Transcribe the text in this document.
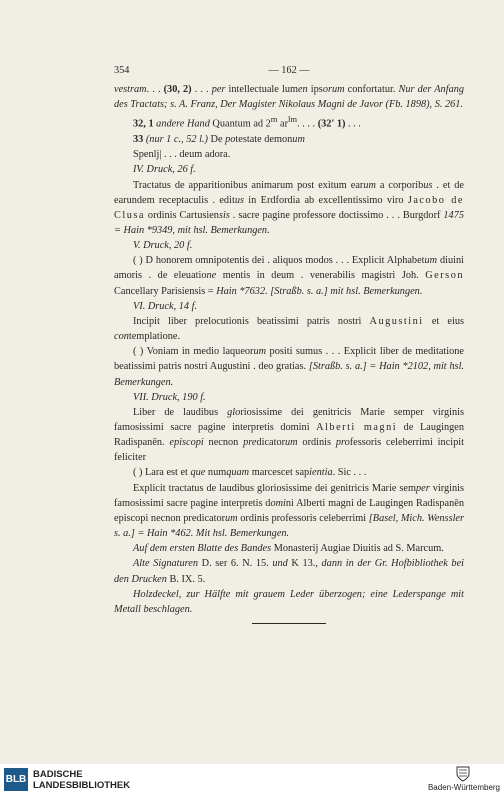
354	— 162 —

vestram. . . (30, 2) . . . per intellectuale lumen ipsorum confortatur. Nur der Anfang des Tractats; s. A. Franz, Der Magister Nikolaus Magni de Javor (Fb. 1898), S. 261.

32, 1 andere Hand Quantum ad 2$^m$ $ar^{lm}$. . . . (32' 1) . . .

33 (nur 1 c., 52 l.) De potestate demonum

Spenlj| . . . deum adora.

IV. Druck, 26 f.

Tractatus de apparitionibus animarum post exitum earum a corporibus . et de earundem receptaculis . editus in Erdfordia ab excellentissimo viro Jacobo de Clusa ordinis Cartusiensis . sacre pagine professore doctissimo . . . Burgdorf 1475 = Hain *9349, mit hsl. Bemerkungen.

V. Druck, 20 f.

( ) D honorem omnipotentis dei . aliquos modos . . . Explicit Alphabetum diuini amoris . de eleuatione mentis in deum . venerabilis magistri Joh. Gerson Cancellary Parisiensis = Hain *7632. [Straßb. s. a.] mit hsl. Bemerkungen.

VI. Druck, 14 f.

Incipit liber prelocutionis beatissimi patris nostri Augustini et eius contemplatione.

( ) Voniam in medio laqueorum positi sumus . . . Explicit liber de meditatione beatissimi patris nostri Augustini . deo gratias. [Straßb. s. a.] = Hain *2102, mit hsl. Bemerkungen.

VII. Druck, 190 f.

Liber de laudibus gloriosissime dei genitricis Marie semper virginis famosissimi sacre pagine interpretis domini Alberti magni de Laugingen Radispanēn. episcopi necnon predicatorum ordinis professoris celeberrimi incipit feliciter

( ) Lara est et que numquam marcescet sapientia. Sic . . .

Explicit tractatus de laudibus gloriosissime dei genitricis Marie semper virginis famosissimi sacre pagine interpretis domini Alberti magni de Laugingen Radispanēn episcopi necnon predicatorum ordinis professoris celeberrimi [Basel, Mich. Wenssler s. a.] = Hain *462. Mit hsl. Bemerkungen.

Auf dem ersten Blatte des Bandes Monasterij Augiae Diuitis ad S. Marcum.

Alte Signaturen D. ser 6. N. 15. und K 13., dann in der Gr. Hofbibliothek bei den Drucken B. IX. 5.

Holzdeckel, zur Hälfte mit grauem Leder überzogen; eine Lederspange mit Metall beschlagen.

BLB BADISCHE
LANDESBIBLIOTHEK	Baden-Württemberg
